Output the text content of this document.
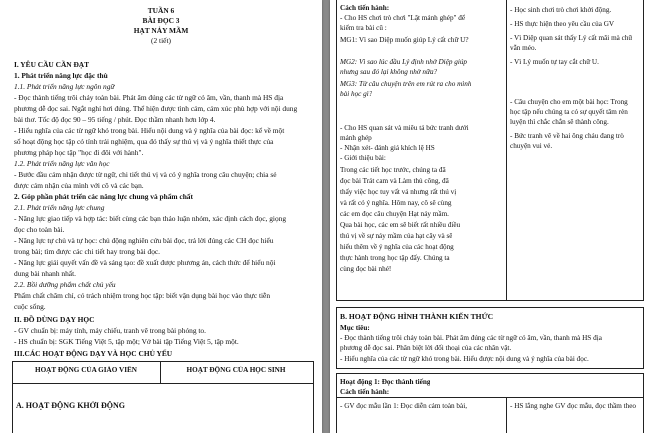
TUẦN 6
BÀI ĐỌC 3
HẠT NẢY MẦM
(2 tiết)
I. YÊU CẦU CẦN ĐẠT
1. Phát triển năng lực đặc thù
1.1. Phát triển năng lực ngôn ngữ
- Đọc thành tiếng trôi chảy toàn bài. Phát âm đúng các từ ngữ có âm, vần, thanh mà HS địa
phương dễ đọc sai. Ngắt nghỉ hơi đúng. Thể hiện được tình cảm, cảm xúc phù hợp với nội dung
bài thơ. Tốc độ đọc 90 – 95 tiếng / phút. Đọc thầm nhanh hơn lớp 4.
- Hiểu nghĩa của các từ ngữ khó trong bài. Hiểu nội dung và ý nghĩa của bài đọc: kể về một
số hoạt động học tập có tính trải nghiệm, qua đó thấy sự thú vị và ý nghĩa thiết thực của
phương pháp học tập "học đi đôi với hành".
1.2. Phát triển năng lực văn học
- Bước đầu cảm nhận được từ ngữ, chi tiết thú vị và có ý nghĩa trong câu chuyện; chia sẻ
được cảm nhận của mình với cô và các bạn.
2. Góp phần phát triển các năng lực chung và phẩm chất
2.1. Phát triển năng lực chung
- Năng lực giao tiếp và hợp tác: biết cùng các bạn thảo luận nhóm, xác định cách đọc, giọng
đọc cho toàn bài.
- Năng lực tự chủ và tự học: chủ động nghiên cứu bài đọc, trả lời đúng các CH đọc hiểu
trong bài; tìm được các chi tiết hay trong bài đọc.
- Năng lực giải quyết vấn đề và sáng tạo: đề xuất được phương án, cách thức để hiểu nội
dung bài nhanh nhất.
2.2. Bồi dưỡng phẩm chất chủ yếu
Phẩm chất chăm chỉ, có trách nhiệm trong học tập: biết vận dụng bài học vào thực tiễn
cuộc sống.
II. ĐỒ DÙNG DẠY HỌC
- GV chuẩn bị: máy tính, máy chiếu, tranh vẽ trong bài phóng to.
- HS chuẩn bị: SGK Tiếng Việt 5, tập một; Vở bài tập Tiếng Việt 5, tập một.
III.CÁC HOẠT ĐỘNG DẠY VÀ HỌC CHỦ YẾU
HOẠT ĐỘNG CỦA GIÁO VIÊN	HOẠT ĐỘNG CỦA HỌC SINH
A. HOẠT ĐỘNG KHỞI ĐỘNG
Cách tiến hành:
- Cho HS chơi trò chơi "Lật mảnh ghép" để
kiểm tra bài cũ :
MG1: Vì sao Diệp muốn giúp Lý cất chữ U?
MG2: Vì sao lúc đầu Lý định nhờ Diệp giúp
nhưng sau đó lại không nhờ nữa?
MG3: Từ câu chuyện trên em rút ra cho mình
bài học gì?
- Cho HS quan sát và miêu tả bức tranh dưới
mảnh ghép
- Nhận xét- đánh giá khích lệ HS
- Giới thiệu bài:
Trong các tiết học trước, chúng ta đã
đọc bài Trát cam và Làm thủ công, đã
thấy việc học tuy vất vả nhưng rất thú vị
và rất có ý nghĩa. Hôm nay, cô sẽ cùng
các em đọc câu chuyện Hạt nảy mầm.
Qua bài học, các em sẽ biết rất nhiều điều
thú vị về sự nảy mầm của hạt cây và sẽ
hiểu thêm về ý nghĩa của các hoạt động
thực hành trong học tập đấy. Chúng ta
cùng đọc bài nhé!
- Học sinh chơi trò chơi khởi động.
- HS thực hiện theo yêu cầu của GV
- Vì Diệp quan sát thấy Lý cất mãi mà chữ
vẫn méo.
- Vì Lý muốn tự tay cắt chữ U.
- Câu chuyện cho em một bài học: Trong
học tập nếu chúng ta có sự quyết tâm rèn
luyện thì chắc chắn sẽ thành công.
- Bức tranh vẽ về hai ông cháu đang trò
chuyện vui vẻ.
B. HOẠT ĐỘNG HÌNH THÀNH KIẾN THỨC
Mục tiêu:
- Đọc thành tiếng trôi chảy toàn bài. Phát âm đúng các từ ngữ có âm, vần, thanh mà HS địa
phương dễ đọc sai. Phân biệt lời đối thoại của các nhân vật.
- Hiểu nghĩa của các từ ngữ khó trong bài. Hiểu được nội dung và ý nghĩa của bài đọc.
Hoạt động 1: Đọc thành tiếng
Cách tiến hành:
- GV đọc mẫu lần 1: Đọc diễn cảm toàn bài,	- HS lắng nghe GV đọc mẫu, đọc thầm theo
